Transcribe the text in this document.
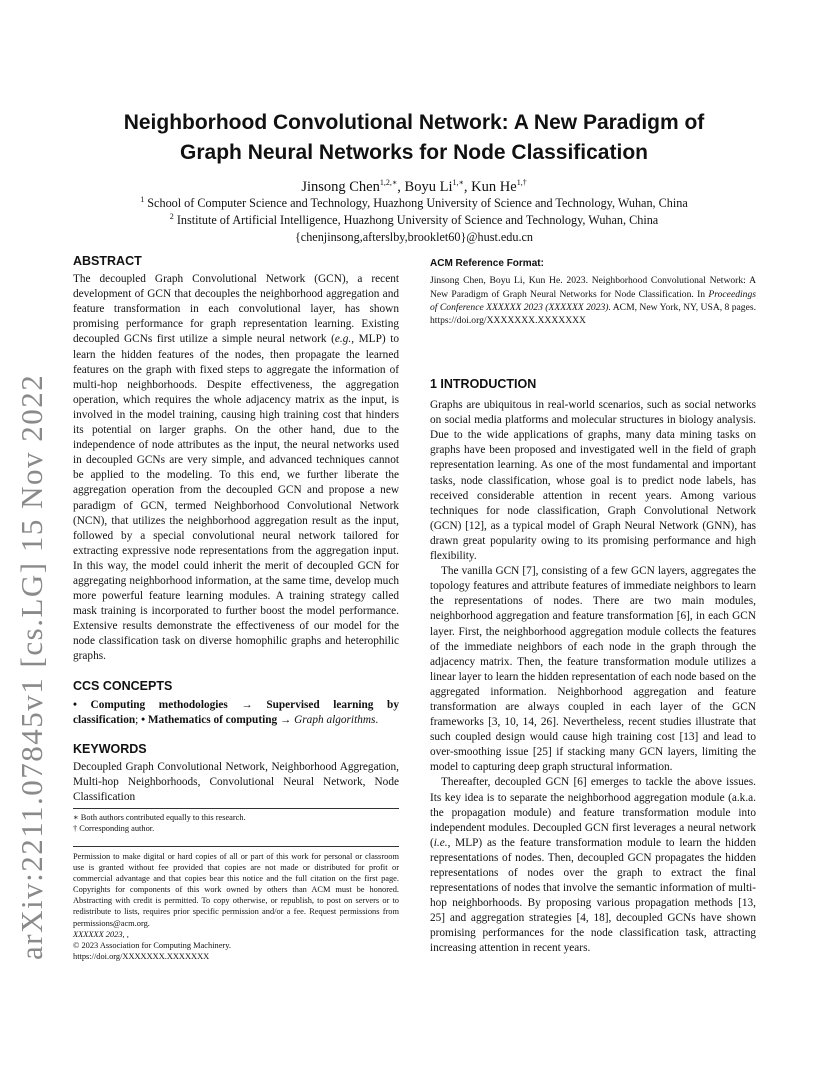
arXiv:2211.07845v1 [cs.LG] 15 Nov 2022
Neighborhood Convolutional Network: A New Paradigm of
Graph Neural Networks for Node Classification
Jinsong Chen$^{1,2,∗}$, Boyu $Li^{1,∗}$, Kun $He^{1,\dagger}$
$^1$ School of Computer Science and Technology, Huazhong University of Science and Technology, Wuhan, China
$^2$ Institute of Artificial Intelligence, Huazhong University of Science and Technology, Wuhan, China
{chenjinsong,afterslby,brooklet60}@hust.edu.cn
ABSTRACT

The decoupled Graph Convolutional Network (GCN), a recent development of GCN that decouples the neighborhood aggregation and feature transformation in each convolutional layer, has shown promising performance for graph representation learning. Existing decoupled GCNs first utilize a simple neural network (e.g., MLP) to learn the hidden features of the nodes, then propagate the learned features on the graph with fixed steps to aggregate the information of multi-hop neighborhoods. Despite effectiveness, the aggregation operation, which requires the whole adjacency matrix as the input, is involved in the model training, causing high training cost that hinders its potential on larger graphs. On the other hand, due to the independence of node attributes as the input, the neural networks used in decoupled GCNs are very simple, and advanced techniques cannot be applied to the modeling. To this end, we further liberate the aggregation operation from the decoupled GCN and propose a new paradigm of GCN, termed Neighborhood Convolutional Network (NCN), that utilizes the neighborhood aggregation result as the input, followed by a special convolutional neural network tailored for extracting expressive node representations from the aggregation input. In this way, the model could inherit the merit of decoupled GCN for aggregating neighborhood information, at the same time, develop much more powerful feature learning modules. A training strategy called mask training is incorporated to further boost the model performance. Extensive results demonstrate the effectiveness of our model for the node classification task on diverse homophilic graphs and heterophilic graphs.

CCS CONCEPTS

• Computing methodologies → Supervised learning by classification; • Mathematics of computing → Graph algorithms.

KEYWORDS

Decoupled Graph Convolutional Network, Neighborhood Aggregation, Multi-hop Neighborhoods, Convolutional Neural Network, Node Classification

∗ Both authors contributed equally to this research.
† Corresponding author.
Permission to make digital or hard copies of all or part of this work for personal or classroom use is granted without fee provided that copies are not made or distributed for profit or commercial advantage and that copies bear this notice and the full citation on the first page. Copyrights for components of this work owned by others than ACM must be honored. Abstracting with credit is permitted. To copy otherwise, or republish, to post on servers or to redistribute to lists, requires prior specific permission and/or a fee. Request permissions from permissions@acm.org.
XXXXXX 2023, ,
© 2023 Association for Computing Machinery.
https://doi.org/XXXXXXX.XXXXXXX
ACM Reference Format:

Jinsong Chen, Boyu Li, Kun He. 2023. Neighborhood Convolutional Network: A New Paradigm of Graph Neural Networks for Node Classification. In Proceedings of Conference XXXXXX 2023 (XXXXXX 2023). ACM, New York, NY, USA, 8 pages. https://doi.org/XXXXXXX.XXXXXXX

1 INTRODUCTION

Graphs are ubiquitous in real-world scenarios, such as social networks on social media platforms and molecular structures in biology analysis. Due to the wide applications of graphs, many data mining tasks on graphs have been proposed and investigated well in the field of graph representation learning. As one of the most fundamental and important tasks, node classification, whose goal is to predict node labels, has received considerable attention in recent years. Among various techniques for node classification, Graph Convolutional Network (GCN) [12], as a typical model of Graph Neural Network (GNN), has drawn great popularity owing to its promising performance and high flexibility.

The vanilla GCN [7], consisting of a few GCN layers, aggregates the topology features and attribute features of immediate neighbors to learn the representations of nodes. There are two main modules, neighborhood aggregation and feature transformation [6], in each GCN layer. First, the neighborhood aggregation module collects the features of the immediate neighbors of each node in the graph through the adjacency matrix. Then, the feature transformation module utilizes a linear layer to learn the hidden representation of each node based on the aggregated information. Neighborhood aggregation and feature transformation are always coupled in each layer of the GCN frameworks [3, 10, 14, 26]. Nevertheless, recent studies illustrate that such coupled design would cause high training cost [13] and lead to over-smoothing issue [25] if stacking many GCN layers, limiting the model to capturing deep graph structural information.

Thereafter, decoupled GCN [6] emerges to tackle the above issues. Its key idea is to separate the neighborhood aggregation module (a.k.a. the propagation module) and feature transformation module into independent modules. Decoupled GCN first leverages a neural network (i.e., MLP) as the feature transformation module to learn the hidden representations of nodes. Then, decoupled GCN propagates the hidden representations of nodes over the graph to extract the final representations of nodes that involve the semantic information of multi-hop neighborhoods. By proposing various propagation methods [13, 25] and aggregation strategies [4, 18], decoupled GCNs have shown promising performances for the node classification task, attracting increasing attention in recent years.
